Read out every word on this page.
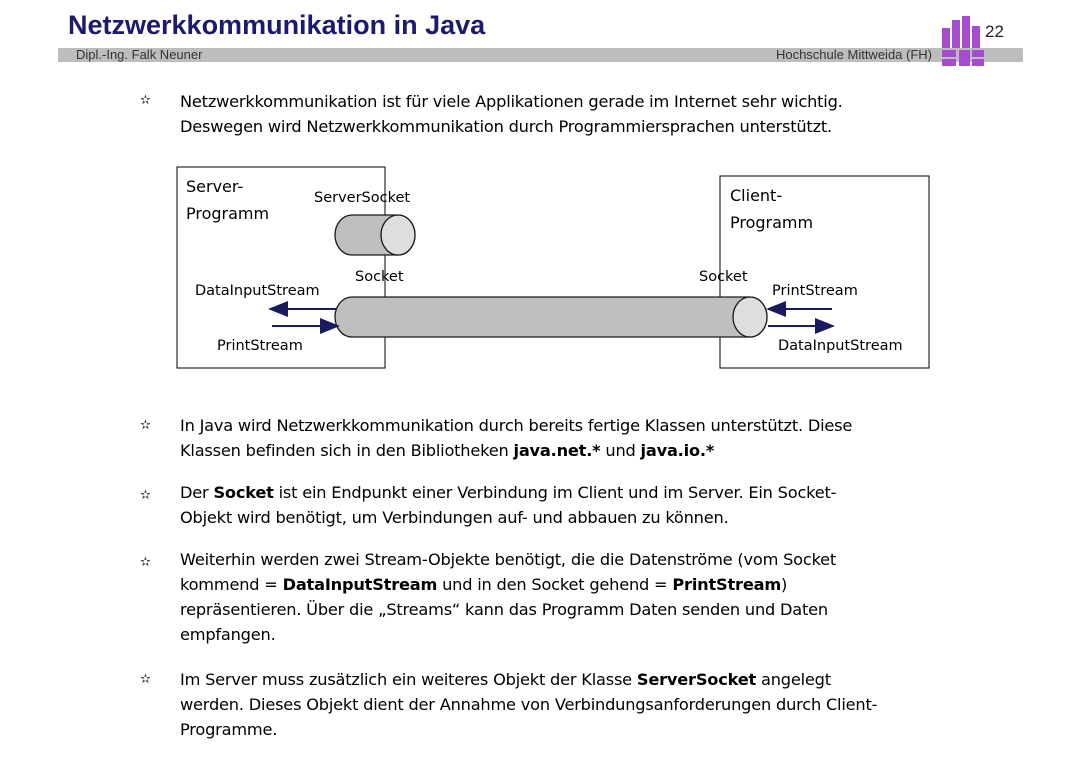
Netzwerkkommunikation in Java
Dipl.-Ing. Falk Neuner	Hochschule Mittweida (FH)
22
✫ Netzwerkkommunikation ist für viele Applikationen gerade im Internet sehr wichtig.
Deswegen wird Netzwerkkommunikation durch Programmiersprachen unterstützt.
Server-
Programm
Client-
Programm
ServerSocket
Socket	Socket
DataInputStream
PrintStream
PrintStream
DataInputStream
✫ In Java wird Netzwerkkommunikation durch bereits fertige Klassen unterstützt. Diese
Klassen befinden sich in den Bibliotheken java.net.* und java.io.*
✫ Der Socket ist ein Endpunkt einer Verbindung im Client und im Server. Ein Socket-
Objekt wird benötigt, um Verbindungen auf- und abbauen zu können.
✫ Weiterhin werden zwei Stream-Objekte benötigt, die die Datenströme (vom Socket
kommend = DataInputStream und in den Socket gehend = PrintStream)
repräsentieren. Über die „Streams“ kann das Programm Daten senden und Daten
empfangen.
✫ Im Server muss zusätzlich ein weiteres Objekt der Klasse ServerSocket angelegt
werden. Dieses Objekt dient der Annahme von Verbindungsanforderungen durch Client-
Programme.
